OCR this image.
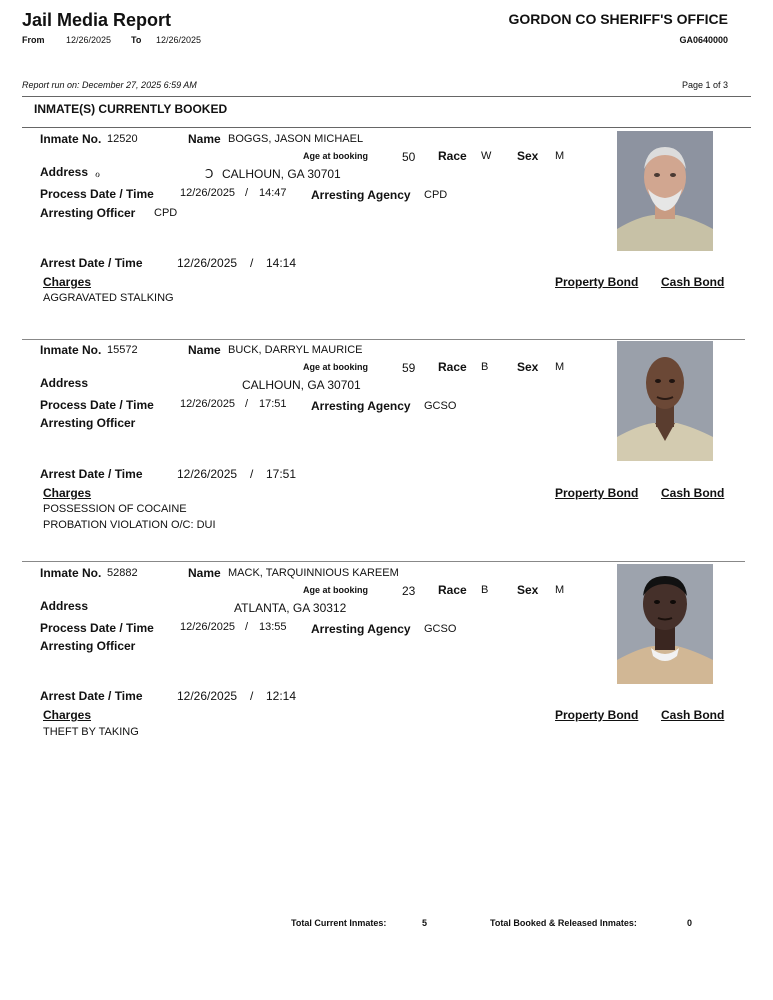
Jail Media Report	GORDON CO SHERIFF'S OFFICE
From 12/26/2025 To 12/26/2025	GA0640000
Report run on: December 27, 2025 6:59 AM	Page 1 of 3
INMATE(S) CURRENTLY BOOKED
Inmate No. 12520	Name BOGGS, JASON MICHAEL
Age at booking	50 Race W Sex M
Address ℴ	Ↄ CALHOUN, GA 30701
Process Date / Time 12/26/2025 / 14:47 Arresting Agency CPD
Arresting Officer CPD
Arrest Date / Time	12/26/2025 / 14:14
Charges	Property Bond Cash Bond
AGGRAVATED STALKING
Inmate No. 15572	Name BUCK, DARRYL MAURICE
Age at booking	59 Race B Sex M
Address	CALHOUN, GA 30701
Process Date / Time 12/26/2025 / 17:51 Arresting Agency GCSO
Arresting Officer
Arrest Date / Time	12/26/2025 / 17:51
Charges	Property Bond Cash Bond
POSSESSION OF COCAINE
PROBATION VIOLATION O/C: DUI
Inmate No. 52882	Name MACK, TARQUINNIOUS KAREEM
Age at booking	23 Race B Sex M
Address	ATLANTA, GA 30312
Process Date / Time 12/26/2025 / 13:55 Arresting Agency GCSO
Arresting Officer
Arrest Date / Time	12/26/2025 / 12:14
Charges	Property Bond Cash Bond
THEFT BY TAKING
Total Current Inmates:	5	Total Booked & Released Inmates:	0
